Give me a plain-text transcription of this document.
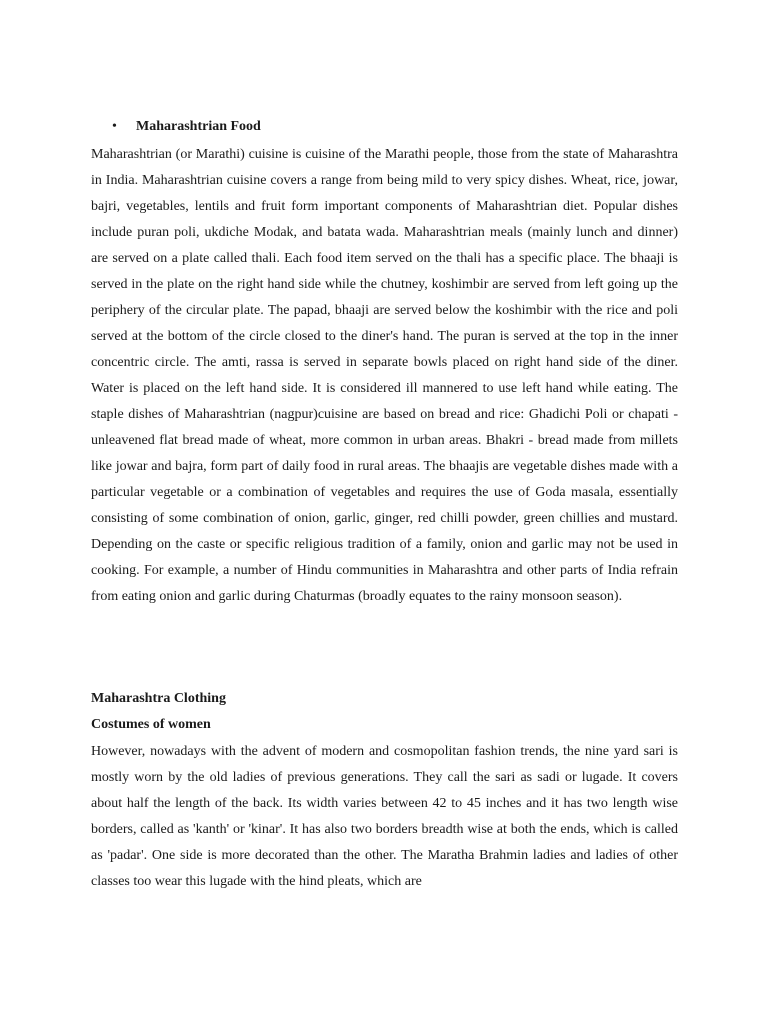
• Maharashtrian Food

Maharashtrian (or Marathi) cuisine is cuisine of the Marathi people, those from the state of Maharashtra in India. Maharashtrian cuisine covers a range from being mild to very spicy dishes. Wheat, rice, jowar, bajri, vegetables, lentils and fruit form important components of Maharashtrian diet. Popular dishes include puran poli, ukdiche Modak, and batata wada. Maharashtrian meals (mainly lunch and dinner) are served on a plate called thali. Each food item served on the thali has a specific place. The bhaaji is served in the plate on the right hand side while the chutney, koshimbir are served from left going up the periphery of the circular plate. The papad, bhaaji are served below the koshimbir with the rice and poli served at the bottom of the circle closed to the diner's hand. The puran is served at the top in the inner concentric circle. The amti, rassa is served in separate bowls placed on right hand side of the diner. Water is placed on the left hand side. It is considered ill mannered to use left hand while eating. The staple dishes of Maharashtrian (nagpur)cuisine are based on bread and rice: Ghadichi Poli or chapati - unleavened flat bread made of wheat, more common in urban areas. Bhakri - bread made from millets like jowar and bajra, form part of daily food in rural areas. The bhaajis are vegetable dishes made with a particular vegetable or a combination of vegetables and requires the use of Goda masala, essentially consisting of some combination of onion, garlic, ginger, red chilli powder, green chillies and mustard. Depending on the caste or specific religious tradition of a family, onion and garlic may not be used in cooking. For example, a number of Hindu communities in Maharashtra and other parts of India refrain from eating onion and garlic during Chaturmas (broadly equates to the rainy monsoon season).

Maharashtra Clothing

Costumes of women

However, nowadays with the advent of modern and cosmopolitan fashion trends, the nine yard sari is mostly worn by the old ladies of previous generations. They call the sari as sadi or lugade. It covers about half the length of the back. Its width varies between 42 to 45 inches and it has two length wise borders, called as 'kanth' or 'kinar'. It has also two borders breadth wise at both the ends, which is called as 'padar'. One side is more decorated than the other. The Maratha Brahmin ladies and ladies of other classes too wear this lugade with the hind pleats, which are
